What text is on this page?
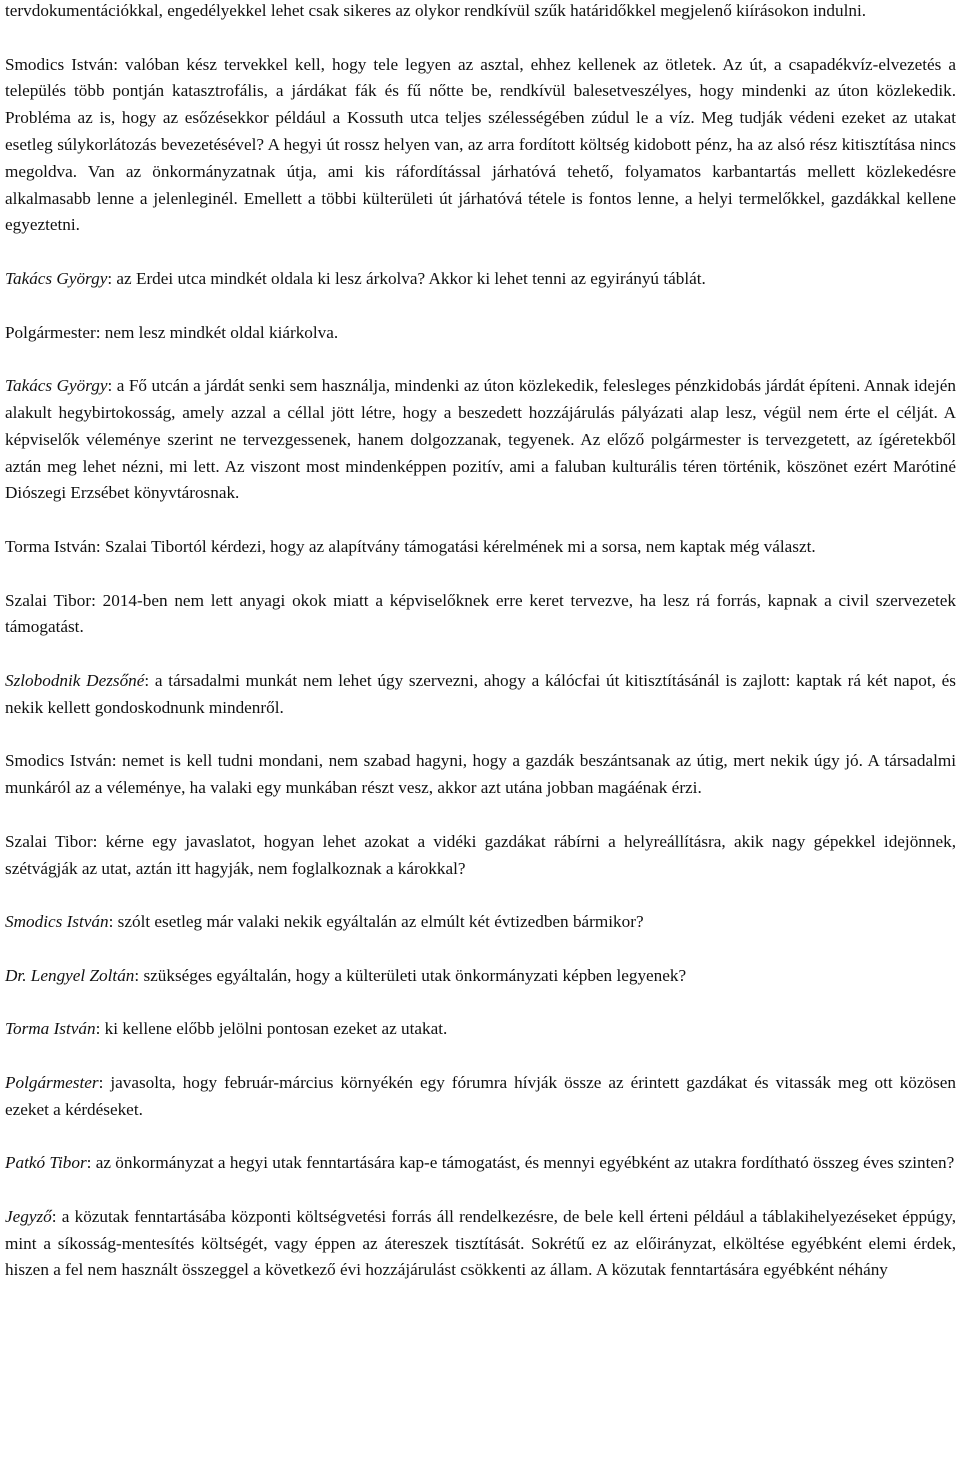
tervdokumentációkkal, engedélyekkel lehet csak sikeres az olykor rendkívül szűk határidőkkel megjelenő kiírásokon indulni.

Smodics István: valóban kész tervekkel kell, hogy tele legyen az asztal, ehhez kellenek az ötletek. Az út, a csapadékvíz-elvezetés a település több pontján katasztrofális, a járdákat fák és fű nőtte be, rendkívül balesetveszélyes, hogy mindenki az úton közlekedik. Probléma az is, hogy az esőzésekkor például a Kossuth utca teljes szélességében zúdul le a víz. Meg tudják védeni ezeket az utakat esetleg súlykorlátozás bevezetésével? A hegyi út rossz helyen van, az arra fordított költség kidobott pénz, ha az alsó rész kitisztítása nincs megoldva. Van az önkormányzatnak útja, ami kis ráfordítással járhatóvá tehető, folyamatos karbantartás mellett közlekedésre alkalmasabb lenne a jelenleginél. Emellett a többi külterületi út járhatóvá tétele is fontos lenne, a helyi termelőkkel, gazdákkal kellene egyeztetni.

Takács György: az Erdei utca mindkét oldala ki lesz árkolva? Akkor ki lehet tenni az egyirányú táblát.

Polgármester: nem lesz mindkét oldal kiárkolva.

Takács György: a Fő utcán a járdát senki sem használja, mindenki az úton közlekedik, felesleges pénzkidobás járdát építeni. Annak idején alakult hegybirtokosság, amely azzal a céllal jött létre, hogy a beszedett hozzájárulás pályázati alap lesz, végül nem érte el célját. A képviselők véleménye szerint ne tervezgessenek, hanem dolgozzanak, tegyenek. Az előző polgármester is tervezgetett, az ígéretekből aztán meg lehet nézni, mi lett. Az viszont most mindenképpen pozitív, ami a faluban kulturális téren történik, köszönet ezért Marótiné Diószegi Erzsébet könyvtárosnak.

Torma István: Szalai Tibortól kérdezi, hogy az alapítvány támogatási kérelmének mi a sorsa, nem kaptak még választ.

Szalai Tibor: 2014-ben nem lett anyagi okok miatt a képviselőknek erre keret tervezve, ha lesz rá forrás, kapnak a civil szervezetek támogatást.

Szlobodnik Dezsőné: a társadalmi munkát nem lehet úgy szervezni, ahogy a kálócfai út kitisztításánál is zajlott: kaptak rá két napot, és nekik kellett gondoskodnunk mindenről.

Smodics István: nemet is kell tudni mondani, nem szabad hagyni, hogy a gazdák beszántsanak az útig, mert nekik úgy jó. A társadalmi munkáról az a véleménye, ha valaki egy munkában részt vesz, akkor azt utána jobban magáénak érzi.

Szalai Tibor: kérne egy javaslatot, hogyan lehet azokat a vidéki gazdákat rábírni a helyreállításra, akik nagy gépekkel idejönnek, szétvágják az utat, aztán itt hagyják, nem foglalkoznak a károkkal?

Smodics István: szólt esetleg már valaki nekik egyáltalán az elmúlt két évtizedben bármikor?

Dr. Lengyel Zoltán: szükséges egyáltalán, hogy a külterületi utak önkormányzati képben legyenek?

Torma István: ki kellene előbb jelölni pontosan ezeket az utakat.

Polgármester: javasolta, hogy február-március környékén egy fórumra hívják össze az érintett gazdákat és vitassák meg ott közösen ezeket a kérdéseket.

Patkó Tibor: az önkormányzat a hegyi utak fenntartására kap-e támogatást, és mennyi egyébként az utakra fordítható összeg éves szinten?

Jegyző: a közutak fenntartásába központi költségvetési forrás áll rendelkezésre, de bele kell érteni például a táblakihelyezéseket éppúgy, mint a síkosság-mentesítés költségét, vagy éppen az átereszek tisztítását. Sokrétű ez az előirányzat, elköltése egyébként elemi érdek, hiszen a fel nem használt összeggel a következő évi hozzájárulást csökkenti az állam. A közutak fenntartására egyébként néhány
